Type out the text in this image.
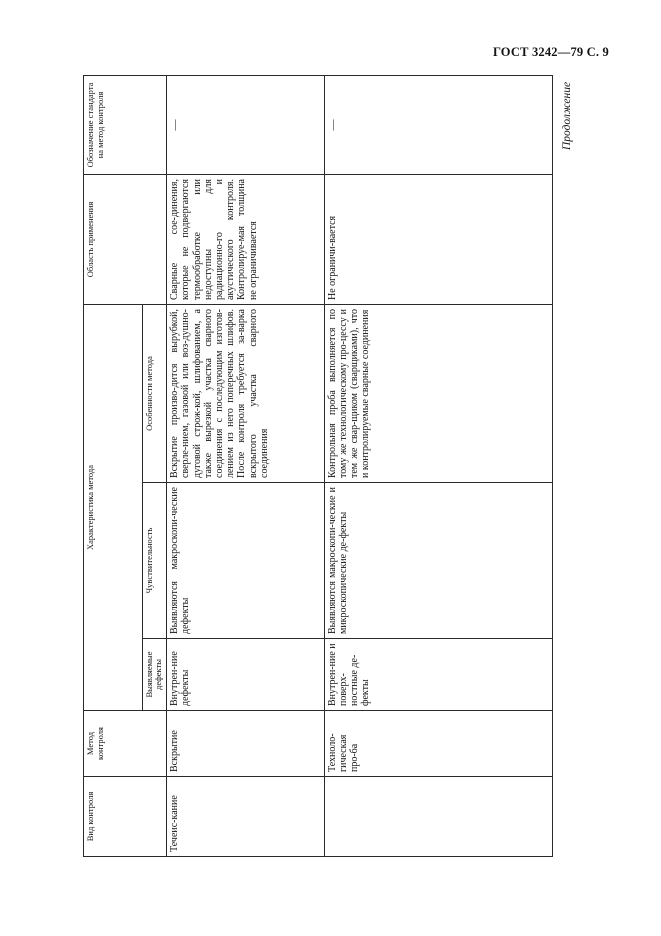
ГОСТ 3242—79 С. 9
Продолжение
Вид контроля	Метод контроля	Характеристика метода			Область применения	Обозначение стандарта на метод контроля
		Выявляемые дефекты	Чувствительность	Особенности метода		
Течеис-кание	Вскрытие	Внутрен-ние дефекты	Выявляются макроскопи-ческие дефекты	Вскрытие произво-дится вырубкой, сверле-нием, газовой или воз-душно-дуговой строж-кой, шлифованием, а также вырезкой участка сварного соединения с последующим изготов-лением из него поперечных шлифов. После контроля требуется за-варка вскрытого участка сварного соединения	Сварные сое-динения, которые не подвергаются термообработке или недоступны для радиационно-го и акустического контроля. Контролируе-мая толщина не ограничивается	—
	Техноло-гическая про-ба	Внутрен-ние и поверх-ностные де-фекты	Выявляются макроскопи-ческие и микроскопические де-фекты	Контрольная проба выполняется по тому же технологическому про-цессу и тем же свар-щиком (сварщиками), что и контролируемые сварные соединения	Не ограничи-вается	—
